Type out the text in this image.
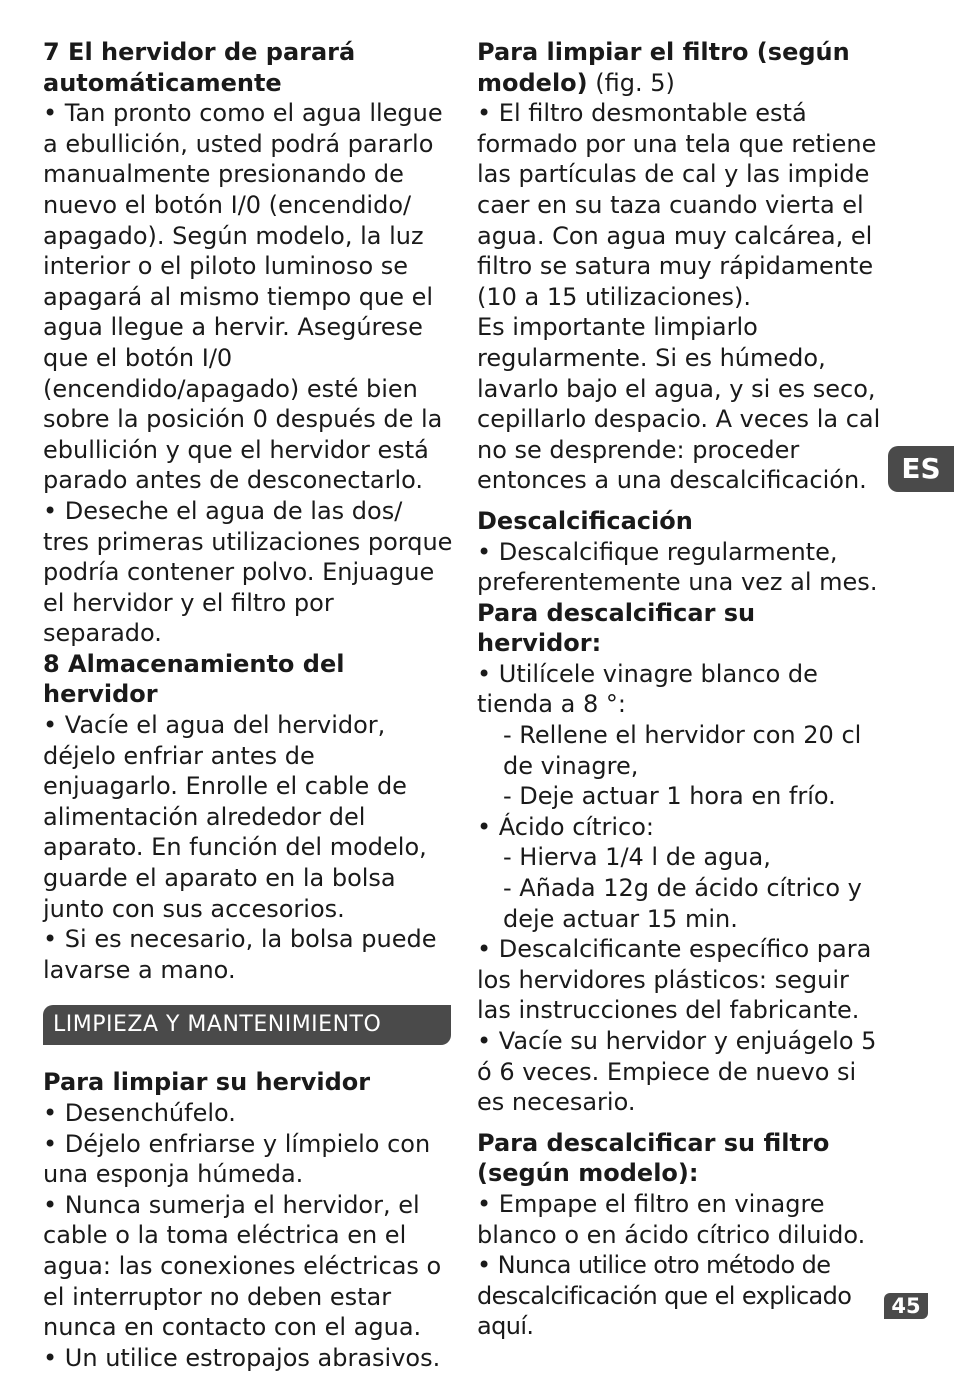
7 El hervidor de parará automáticamente

• Tan pronto como el agua llegue a ebullición, usted podrá pararlo manualmente presionando de nuevo el botón I/0 (encendido/ apagado). Según modelo, la luz interior o el piloto luminoso se apagará al mismo tiempo que el agua llegue a hervir. Asegúrese que el botón I/0 (encendido/apagado) esté bien sobre la posición 0 después de la ebullición y que el hervidor está parado antes de desconectarlo.

• Deseche el agua de las dos/ tres primeras utilizaciones porque podría contener polvo. Enjuague el hervidor y el filtro por separado.

8 Almacenamiento del hervidor

• Vacíe el agua del hervidor, déjelo enfriar antes de enjuagarlo. Enrolle el cable de alimentación alrededor del aparato. En función del modelo, guarde el aparato en la bolsa junto con sus accesorios.

• Si es necesario, la bolsa puede lavarse a mano.

LIMPIEZA Y MANTENIMIENTO

Para limpiar su hervidor

• Desenchúfelo.

• Déjelo enfriarse y límpielo con una esponja húmeda.

• Nunca sumerja el hervidor, el cable o la toma eléctrica en el agua: las conexiones eléctricas o el interruptor no deben estar nunca en contacto con el agua.

• Un utilice estropajos abrasivos.

Para limpiar el filtro (según modelo) (fig. 5)

• El filtro desmontable está formado por una tela que retiene las partículas de cal y las impide caer en su taza cuando vierta el agua. Con agua muy calcárea, el filtro se satura muy rápidamente (10 a 15 utilizaciones).

Es importante limpiarlo regularmente. Si es húmedo, lavarlo bajo el agua, y si es seco, cepillarlo despacio. A veces la cal no se desprende: proceder entonces a una descalcificación.

Descalcificación

• Descalcifique regularmente, preferentemente una vez al mes.

Para descalcificar su hervidor:

• Utilícele vinagre blanco de tienda a 8 °:

- Rellene el hervidor con 20 cl de vinagre,

- Deje actuar 1 hora en frío.

• Ácido cítrico:

- Hierva 1/4 l de agua,

- Añada 12g de ácido cítrico y deje actuar 15 min.

• Descalcificante específico para los hervidores plásticos: seguir las instrucciones del fabricante.

• Vacíe su hervidor y enjuágelo 5 ó 6 veces. Empiece de nuevo si es necesario.

Para descalcificar su filtro (según modelo):

• Empape el filtro en vinagre blanco o en ácido cítrico diluido.

• Nunca utilice otro método de descalcificación que el explicado aquí.

ES
45
